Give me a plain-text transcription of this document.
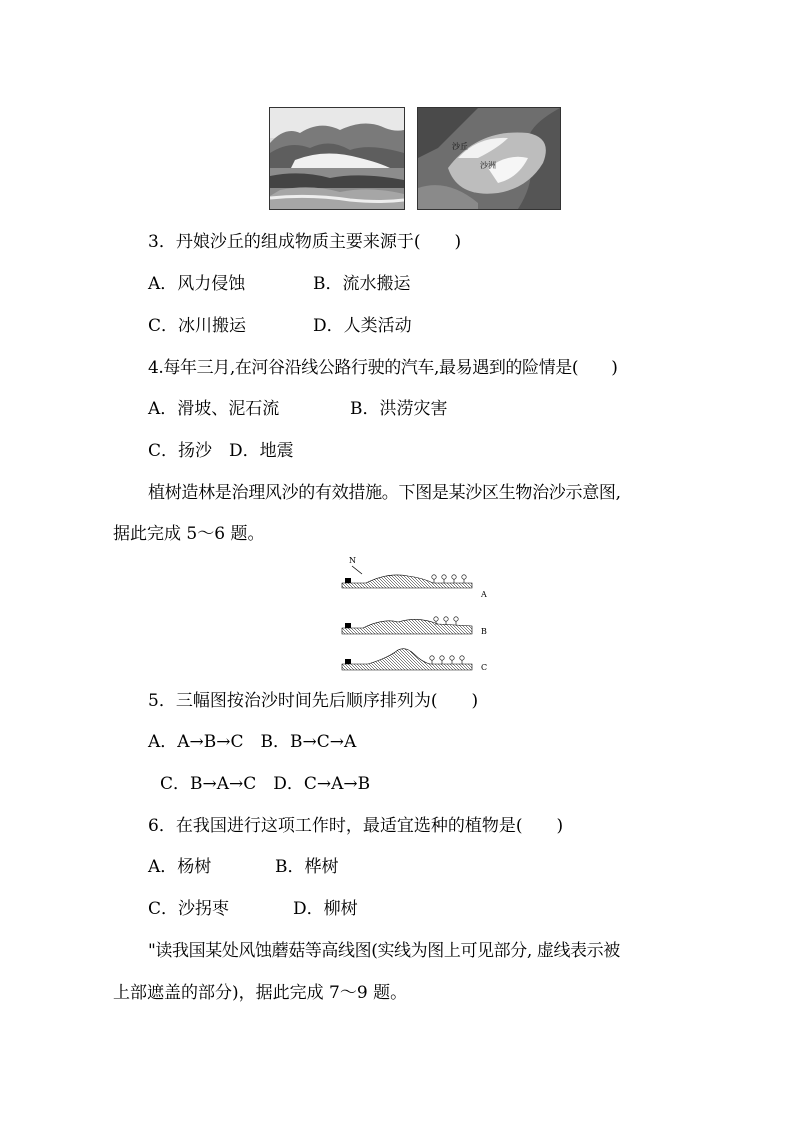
沙丘
沙洲
3．丹娘沙丘的组成物质主要来源于(　　)
A．风力侵蚀	B．流水搬运
C．冰川搬运	D．人类活动
4.每年三月,在河谷沿线公路行驶的汽车,最易遇到的险情是(　　)
A．滑坡、泥石流	B．洪涝灾害
C．扬沙　D．地震
植树造林是治理风沙的有效措施。下图是某沙区生物治沙示意图,
据此完成 5～6 题。
N
A
B
C
5．三幅图按治沙时间先后顺序排列为(　　)
A．A→B→C　B．B→C→A
C．B→A→C　D．C→A→B
6．在我国进行这项工作时，最适宜选种的植物是(　　)
A．杨树	B．桦树
C．沙拐枣	D．柳树
"读我国某处风蚀蘑菇等高线图(实线为图上可见部分, 虚线表示被
上部遮盖的部分)，据此完成 7～9 题。
